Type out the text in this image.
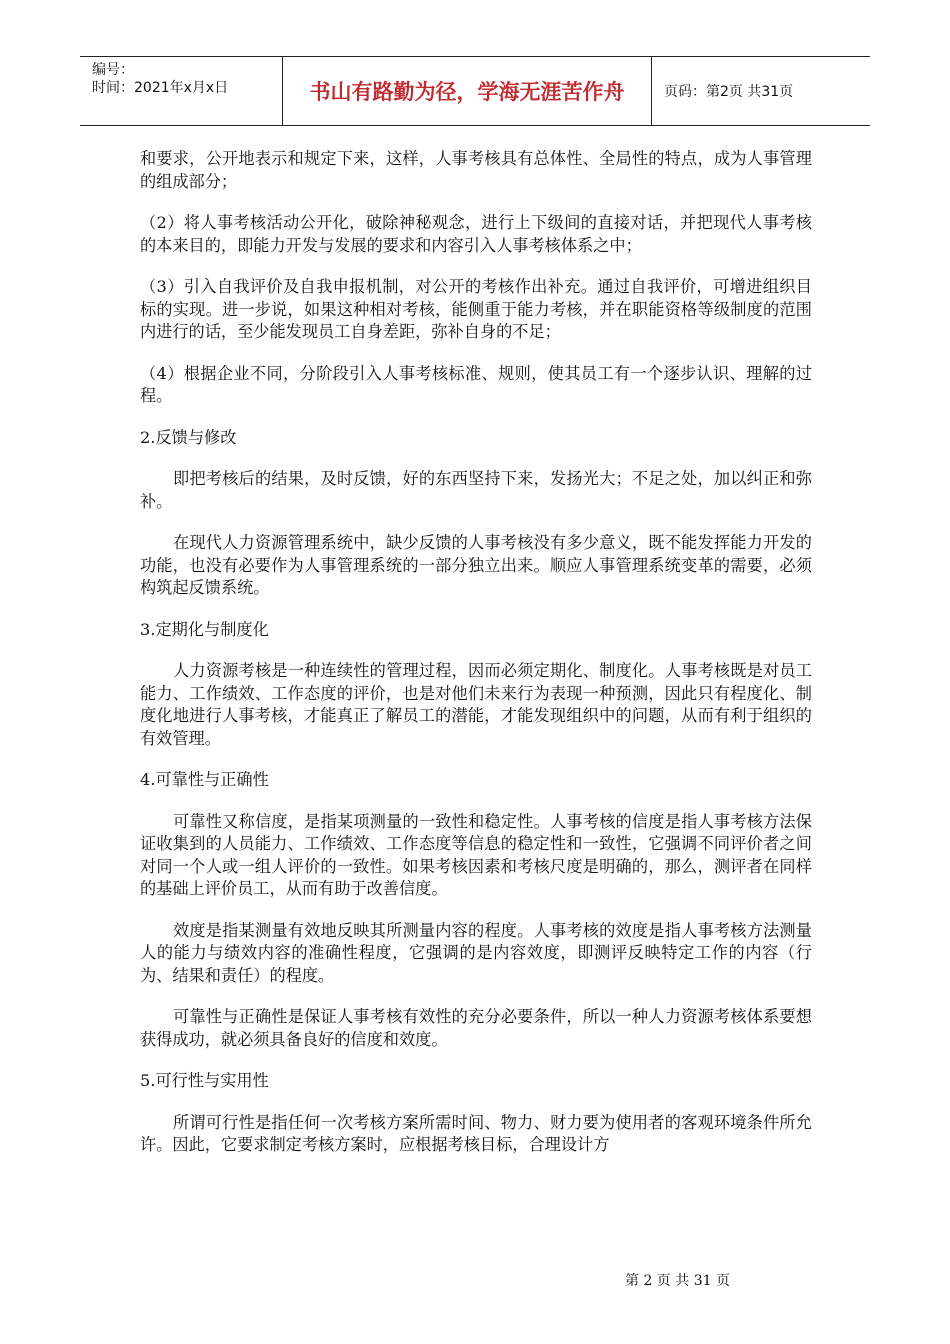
编号：
时间：2021年x月x日	书山有路勤为径，学海无涯苦作舟	页码：第2页 共31页

和要求，公开地表示和规定下来，这样，人事考核具有总体性、全局性的特点，成为人事管理的组成部分；

（2）将人事考核活动公开化，破除神秘观念，进行上下级间的直接对话，并把现代人事考核的本来目的，即能力开发与发展的要求和内容引入人事考核体系之中；

（3）引入自我评价及自我申报机制，对公开的考核作出补充。通过自我评价，可增进组织目标的实现。进一步说，如果这种相对考核，能侧重于能力考核，并在职能资格等级制度的范围内进行的话，至少能发现员工自身差距，弥补自身的不足；

（4）根据企业不同，分阶段引入人事考核标准、规则，使其员工有一个逐步认识、理解的过程。

2.反馈与修改

即把考核后的结果，及时反馈，好的东西坚持下来，发扬光大；不足之处，加以纠正和弥补。

在现代人力资源管理系统中，缺少反馈的人事考核没有多少意义，既不能发挥能力开发的功能，也没有必要作为人事管理系统的一部分独立出来。顺应人事管理系统变革的需要，必须构筑起反馈系统。

3.定期化与制度化

人力资源考核是一种连续性的管理过程，因而必须定期化、制度化。人事考核既是对员工能力、工作绩效、工作态度的评价，也是对他们未来行为表现一种预测，因此只有程度化、制度化地进行人事考核，才能真正了解员工的潜能，才能发现组织中的问题，从而有利于组织的有效管理。

4.可靠性与正确性

可靠性又称信度，是指某项测量的一致性和稳定性。人事考核的信度是指人事考核方法保证收集到的人员能力、工作绩效、工作态度等信息的稳定性和一致性，它强调不同评价者之间对同一个人或一组人评价的一致性。如果考核因素和考核尺度是明确的，那么，测评者在同样的基础上评价员工，从而有助于改善信度。

效度是指某测量有效地反映其所测量内容的程度。人事考核的效度是指人事考核方法测量人的能力与绩效内容的准确性程度，它强调的是内容效度，即测评反映特定工作的内容（行为、结果和责任）的程度。

可靠性与正确性是保证人事考核有效性的充分必要条件，所以一种人力资源考核体系要想获得成功，就必须具备良好的信度和效度。

5.可行性与实用性

所谓可行性是指任何一次考核方案所需时间、物力、财力要为使用者的客观环境条件所允许。因此，它要求制定考核方案时，应根据考核目标，合理设计方

第 2 页 共 31 页
